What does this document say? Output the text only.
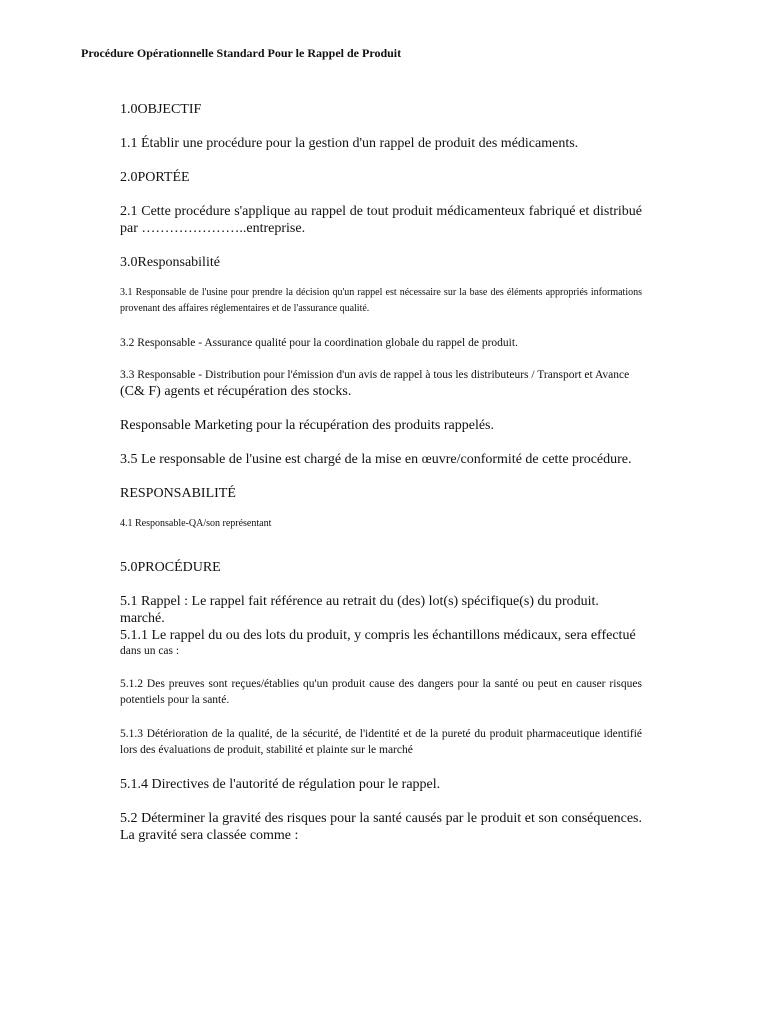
Procédure Opérationnelle Standard Pour le Rappel de Produit

1.0OBJECTIF

1.1 Établir une procédure pour la gestion d'un rappel de produit des médicaments.

2.0PORTÉE

2.1 Cette procédure s'applique au rappel de tout produit médicamenteux fabriqué et distribué par …………………..entreprise.

3.0Responsabilité

3.1 Responsable de l'usine pour prendre la décision qu'un rappel est nécessaire sur la base des éléments appropriés informations provenant des affaires réglementaires et de l'assurance qualité.

3.2 Responsable - Assurance qualité pour la coordination globale du rappel de produit.

3.3 Responsable - Distribution pour l'émission d'un avis de rappel à tous les distributeurs / Transport et Avance

(C& F) agents et récupération des stocks.

Responsable Marketing pour la récupération des produits rappelés.

3.5 Le responsable de l'usine est chargé de la mise en œuvre/conformité de cette procédure.

RESPONSABILITÉ

4.1 Responsable-QA/son représentant

5.0PROCÉDURE

5.1 Rappel : Le rappel fait référence au retrait du (des) lot(s) spécifique(s) du produit.

marché.

5.1.1 Le rappel du ou des lots du produit, y compris les échantillons médicaux, sera effectué

dans un cas :

5.1.2 Des preuves sont reçues/établies qu'un produit cause des dangers pour la santé ou peut en causer risques potentiels pour la santé.

5.1.3 Détérioration de la qualité, de la sécurité, de l'identité et de la pureté du produit pharmaceutique identifié lors des évaluations de produit, stabilité et plainte sur le marché

5.1.4 Directives de l'autorité de régulation pour le rappel.

5.2 Déterminer la gravité des risques pour la santé causés par le produit et son conséquences. La gravité sera classée comme :
